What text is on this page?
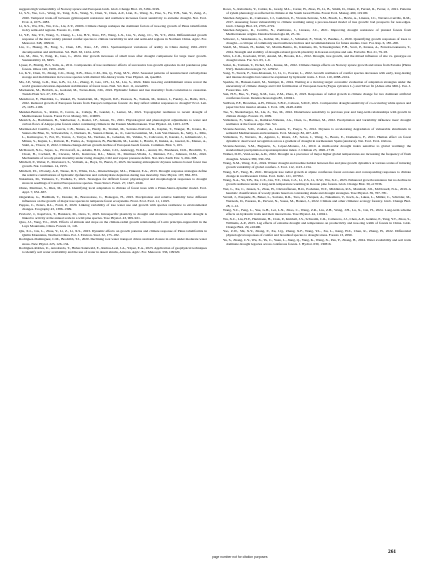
suggests high vulnerability of Norway spruce and European larch. Glob. Change Biol. 19, 3184–3199.

Li, S.Y., Yao, G.L., Wang, R., Tang, X.X., Wang, Y., Chen, Y., Chen, A.P., Lian, X., Wang, X., Piao, S., Fu, Y.H., Sun, Y., Zeng, Z., 2020. Temporal trade-off between gymnosperm resistance and resilience increases forest sensitivity to extreme drought. Nat. Ecol. Evol. 4, 1075–1083.

Li, X.S., Wu, P.X., Wu, Z.G., Liu, Z.Y., 2020b. Climate change reshapes the dominant factors of tree-ring growth of Pinus tabuliformis in dry semi-arid regions. Forests 11, 1106.

Li, Y.F., Xie, Y.T., Wang, T., Cheng, L., Liu, H.Y., Xiao, F.F., Wang, L.X., Liu, Y., Zeng, J.C., Yu, Y.T., 2024. Differentiated growth response of the most widely planted conifer species to climate variability in arid and semi-arid regions in Northern China. Agric. For. Meteorol. 348, 109910.

Liu, C., Huang, H., Feng, S., Chen, J.H., Xiao, J.F., 2021. Spatiotemporal variations of aridity in China during 1961–2015: decomposition and attribution. Sci. Bull. 63, 1224–1233.

Liu, M., Zhu, Y., Pang, R., Guo, L., 2024. Our growth increases of small trees after drought compensate for large trees' growth. Sustainability 16, 8495.

Ljaser, P., Bruttig, B.J., Salis, A., 2011. Components of tree resilience: effects of successive low-growth episodes in old ponderosa pine forests. Oikos 120, 1909–1920.

Lu, K.Y., Chen, N., Zhang, C.K., Dong, X.B., Zhao, C.M., Ma, Q., Feng, M.Y., 2022. Seasonal patterns of nonstructural carbohydrate storage and mobilization in two tree species with distinct life-history traits. Tree Physiol. 44, tpae002.

Ma, J.P., Wang, G.D., Xue, G.B., Li, J.L., Zhang, P., Gao, J.H., Li, M., Liu, S., 2024. Main tree-ring establishment stress reveal the world greatest elevation-dependent stabilization of forest trees. Natl. Sci. Rev. 11, nwae093.

Mackenzie, M., Herbich, A., Gosland, M., Torres-Ruiz, J.M., 2022. Hydraulic failure and tree mortality: from correlation to causation. Trends Plant Sci. 27, 335–345.

Mendicoat, F., Hendrikx, L., Ruskal, H., Sandström, M., Tigwell, D.P., Pearson, N., Tomala, M., Rohrer, J., Fandry, A., Ballo, M.S., 2022. Reduced growth of European forests from Europe's temperate forests: do they reflect similar responses to drought? Ecol. Lett. 25, 1185–1196.

Mendez-Barrion, S., Robin, P., Cerón, A., Calleja, B., Gandel, J., Lerner, M., 2021. Topographic resilience to recent drought of Mediterranean forests. Forest Ecol. Manag. 501, 119683.

Mezrich, A., Bachmann, B., Sahrbecker, J., Rosler, J.F., Jensen, W., 2021. Physiological and phenological adjustments to water and carbon flows of Aleppo pine forests under continuing climate in the Eastern Mediterranean. Tree Physiol. 42, 1263–1278.

Martinez-del Castillo, E., Garcia, C.B., Nunes, A., Hardy, D., Tromel, M., Serrano-Notivoli, R., Kaplan, T., Wanger, H., Krona, R., Sainzo-De Blue, N., Schwetschle, J., Duckers, D., Suarez-Chlean, A., Jr., Garcia-Guzman, M., Luis Van Deusen, K., Sally, L., Milo, L., Kamwayoe, T., Fei, W., Torres, J., Tarryu, M., Vardano, R., Lehedon, M., Vahina, Y., Calicoven, P., Karaki, J., Gdmemovic, J., Mitsus, S., Kujuta, L., Robson, B., Fonka, A., Torgenson, B., Buchheim, M., Leeder, I., Hawin, P., Kukka, A., Guezal, K., Meneo, A., Stahl, A., Vlasov, P., 2022. Climate-change-driven growth decline of European beech forests. Commun. Biol. 5, 163.

McDowell, N.G., Sapes, G., Pivovaroff, A., Adams, H.D., Allen, C.D., Anderegg, W.R.L., Arend, M., Breshears, D.D., Brodribb, T., Choat, B., Cochard, H., Cáceres, M.D., Kantrowe, R.L., Marer, D., Martinez-Vilalta, J., Meinzer, F.C., Johnson, D.M., 2022. Mechanisms of woody-plant mortality under rising drought, CO2 and vapour pressure deficit. Nat. Rev. Earth Env. 3, 294–308.

Mitchell, P., Weber, P., Mortazavi, S., Vollrath, A., Boya, N., Bursó, P., 2023. Increasing atmospheric dryness reduces boreal forest tree growth. Nat. Commun. 14, 1955.

Mitchell, P.J., O'Grady, A.P., Tissue, D.T., White, D.A., Ottenschlaeger, M.L., Pinkard, E.A., 2013. Drought response strategies define the relative contributions of hydraulic dysfunction and carbohydrate depletion during tree mortality. New Phytol. 197, 862–872.

Nakamura, M., Yamaura, T., Yoshida, T., 2021. Strategies for difficult forest: physiological and morphological responses to drought stress in seedlings of Central European tree species. Trees Struct. Funct. 27, 1627–1649.

Olano, Martínez, S., Díez, M., 2011. Identifying local adaptation to climate of forest trees with a Pinus-Sierra-dynamic model. Ecol. Appl. 7, 652–667.

Ongerklau, G., Hadiham, T., Donder, D., Boronolone, C., Bolaegon, H., 2023. Precipitation and relative humidity have different influences on the growth of major tree species in temperate forest ecosystems. Front. Ecol. Evol. 11, 11025.

Pappas, C., Peters, R.L., Fonti, P., 2020. Linking variability of tree water use and growth with species resilience to environmental changes. Ecography 43, 1386–1399.

Pavlović, J., Koprivica, T., Haniszcz, M., Ozza, T., 2023. Intraspecific plasticity to drought and moisture regulation under drought is linked to activity at the annual scale in a wild pine species. Tree Physiol. 43, 909–921.

Qiao, J.J., Yang, Y.L., 2022. Effects of altitude and slope on the climate-radial growth relationship of Larix principis-rupprechtii in the Luya Mountains, China. Forests 11, 145.

Qiu, X.L., Liu, L., Zhou, Y., Li, Z., Li, X.S., 2023. Dynamic effects on growth patterns and climate response of Pinus tabuliformis in Qinlin Mountains, Northern China. Pol. J. Environ. Stud. 32, 175–182.

Rodríguez-Domínguez, C.M., Brodribb, T.J., 2020. Declining root water transport drives stomatal closure in olive under moderate water stress. New Phytol. 225, 126–134.

Rodríguez-Robles, U., Arredondo, T., Huber-Sannwald, E., Ramos-Leal, J.A., Yépez, E.A., 2023. Application of geophysical techniques to identify soil water availability and the use of water in desert shrubs, Arizona. Agric. For. Meteorol. 336, 109320.

Rowe, S., Rebolledo, Y., Calder, K., Grady, M.L., Carter, H., Zhao, H., Li, B., Smith, D., Dunn, P., Ferrari, R., Ferrer, J., 2021. Patterns of xylem phenology as reflected in climate at the South Great Plains. Forest Ecol. Manag. 490, 119100.

Sánchez-Salguero, R., Camarero, J.J., Gutiérrez, E., Vicente-Serrano, S.M., Bosch, L., Hevia, A., Linares, J.C., Navarro-Cerrillo, R.M., 2017. Assessing forest vulnerability to climate warming using a process-based model of tree growth: bad prospects for rear-edges. Glob. Change Biol. 23, 2705–2719.

Sánchez-Salguero, R., Cerrillo, N., Zambrano, J., Linares, J.C., 2021. Improving drought resistance of planted forests from Mediterranean origins. Dendrochronologia 46, 25–34.

Schwarz, J., Skiadaresis, G., Kohler, M., Kunz, J., Schnabel, F., Vitali, V., Bauhus, J., 2020. Quantifying growth responses of trees to drought—a critique of commonly used resilience indices and recommendations for future studies. Curr. For. Rep. 6, 185–200.

Steidl, M., Nissen, H., Kuhnt, W., Martin-Benito, D., Klemens, M., Schweingruber, F.H., Scott, P., Krause, A., Ferreira-Ganseura, T., 2024. Strength and stability of drought-related growth plasticity in Korean red pine and oak. Fortschr. Bot. 21, 79–93.

Silva, L.C.R., Kooloski, W.W., Anand, M., Brooks, R.L., 2012. Drought, tree growth, and the mixed influence of site vs. genotype on drought stress. For. Sci. 63, 1–9.

Sohar, K., Tomusk, T., Eichel, M.J., Kuuse, M., 2022. Climate change effects on Norway spruce growth and stress from Estonia (Pärnu NW). Dendrochronologia 72, 125952.

Song, Y., Sterck, F., Sass-Klaassen, U., Li, C., Poorter, L., 2022. Growth resilience of conifer species decreases with early, long-lasting and intense droughts but cannot be explained by hydraulic traits. J. Ecol. 110, 2088–2104.

Sparkle, D., Hansen-Gantt, M., Stamper, R., 2024. Wetting at a moving target: economic evaluation of adaptation strategies under the uncertainty of climate change and CO2 fertilization of European beech (Fagus sylvatica L.) and Silver fir (Abies alba Mill.). Eur. J. Forest Res. 143.

Sun, H.Y., Bao, Y., Fang, X.M., Gao, Z.M., Zhao, P., 2023. Responses of radial growth to climate change for two dominant artificial coniferous forest. Dendrochronologia 80, 126041.

Sullivan, P.F., Brownlee, A.H., Ellison, S.B.Z., Cahoon, S.M.P., 2021. Comparative drought sensitivity of co-occurring white spruce and paper birch in interior Alaska. J. Ecol. 109, 2448–2460.

Tao, Y., Niederberger, M., Liu, Z., Tao, M., 2022. Disturbance sensitivity to previous year and long-term relationships with growth in climate change. Forests 13, 1009.

Valladares, F., Sakha, A., Ramírez-Valiente, J.A., Chen, G., Baltizer, M., 2022. Precipitation and variability influence trees' drought resilience at the forest edge. Nat. Sci.

Vicente-Serrano, S.M., Zouber, A., Lasanta, T., Pueyo, Y., 2012. Dryness is accelerating degradation of vulnerable shrublands in semiarid Mediterranean environments. Ecol. Monogr. 82, 407–428.

Valladares, V., Navarro, D., Aguirre, I., Rioux, J.F., Solon, J., Wang, S., Bouto, E., Domenico, F., 2021. Human effect on forest dynamics: dead wood recognition across a gradient of drought in northeastern Spain (Andorra). Nat. Ecol. Evol. Oxbow.

Vicente-Serrano, S.M., Beguería, S., López-Moreno, J.I., 2010. A multi-scalar drought index sensitive to global warming: the standardized precipitation evapotranspiration index. J. Climate 23, 1696–1718.

Walker, D.W., VanLoocke, A.D., 2022. Drought as a precursor of major higher global temperatures are increasing the frequency of flash droughts. Science 380, 330–332.

Wang, X.M., Wang, X.Z., 2024. Winter drought and treeline habitat between fire and pine growth dynamics at various scales of intraring growth variability of global conifers. J. Ecol. 112, 1123–1134.

Wang, X.F., Yang, B., 2021. Divergent tree radial growth at alpine coniferous forest ecotones and corresponding responses to climate change in northwestern China. Ecol. Indic. 121, 107052.

Wang, X.A., Yu, T.B., Xu, C.X., Liu, Y.T., Chen, C.Z., Li, Z.S., Li, X.W., Wu, X.C., 2023. Enhanced growth resistance but no decline in growth resilience under a long-term temperature warming in Korean pine forests. Glob. Change Biol. 30, e17036.

Wei, L., Xu, C., Jansen, S., Zhou, H., Christoffersen, B.O., Pockman, W.T., Middleton, R.S., Marshall, J.D., McDowell, N.G., 2019. A heuristic classification of woody plants based on contrasting shade and drought strategies. Tree Physiol. 39, 767–781.

Verrall, J., Pasquale, B., Baker, L., Soriano, R.R., Toro, R., Vázquez, A., Nakamura, V., Koch, A., Lukas, L., Müller, C., Schröder, M., Werneck, D., Pasareu, R., Parvest, N., Sousa, M., Bonnet, J., 2022. Climate and other climates: ecology forestry. Glob. Change Biol. 28, 1–12.

Wang, Y.C., Feng, L., Yue, G.H., Lei, L.N., Zhao, C., Wang, Z.R., Liu, Z.H., Wang, J.H., Lu, X., Lin, H., 2024. Long-term scheme effects on hydraulic traits and their interactions. Tree Physiol. 44, 110041.

Wu, X.C., Liu, H.Y., Hartmann, H., Ciais, P., Kimball, J.S., Schwalm, C.R., Camarero, J.J., Chen, A.P., Gentine, P., Yang, Y.T., Zhou, S., Williams, A.P., 2023. Lag effects of extreme drought and temperature on productivity and tree-ring width of forests in China. Glob. Change Biol. 29, e16490.

Yao, Z.W., Shi, X.Y., Zhang, P., Xu, J.Q., Zhang, X.F., Wang, Y.L., Xu, L., Kang, H.Z., Chen, R., Zhang, H., 2022. Differential physiological responses of conifer and broadleaf species to drought stress. Forests 13, 2090.

Yu, S., Zhang, C.Y., Wu, X., Yu, C., Yuan, L., Jiang, Q., Yang, K., Wang, X., Pan, Y., Zhang, H., 2024. Water availability and soil traits dominate drought legacies across coniferous forests. J. Hydrol. 630, 130816.

page number not for citation purposes
261
